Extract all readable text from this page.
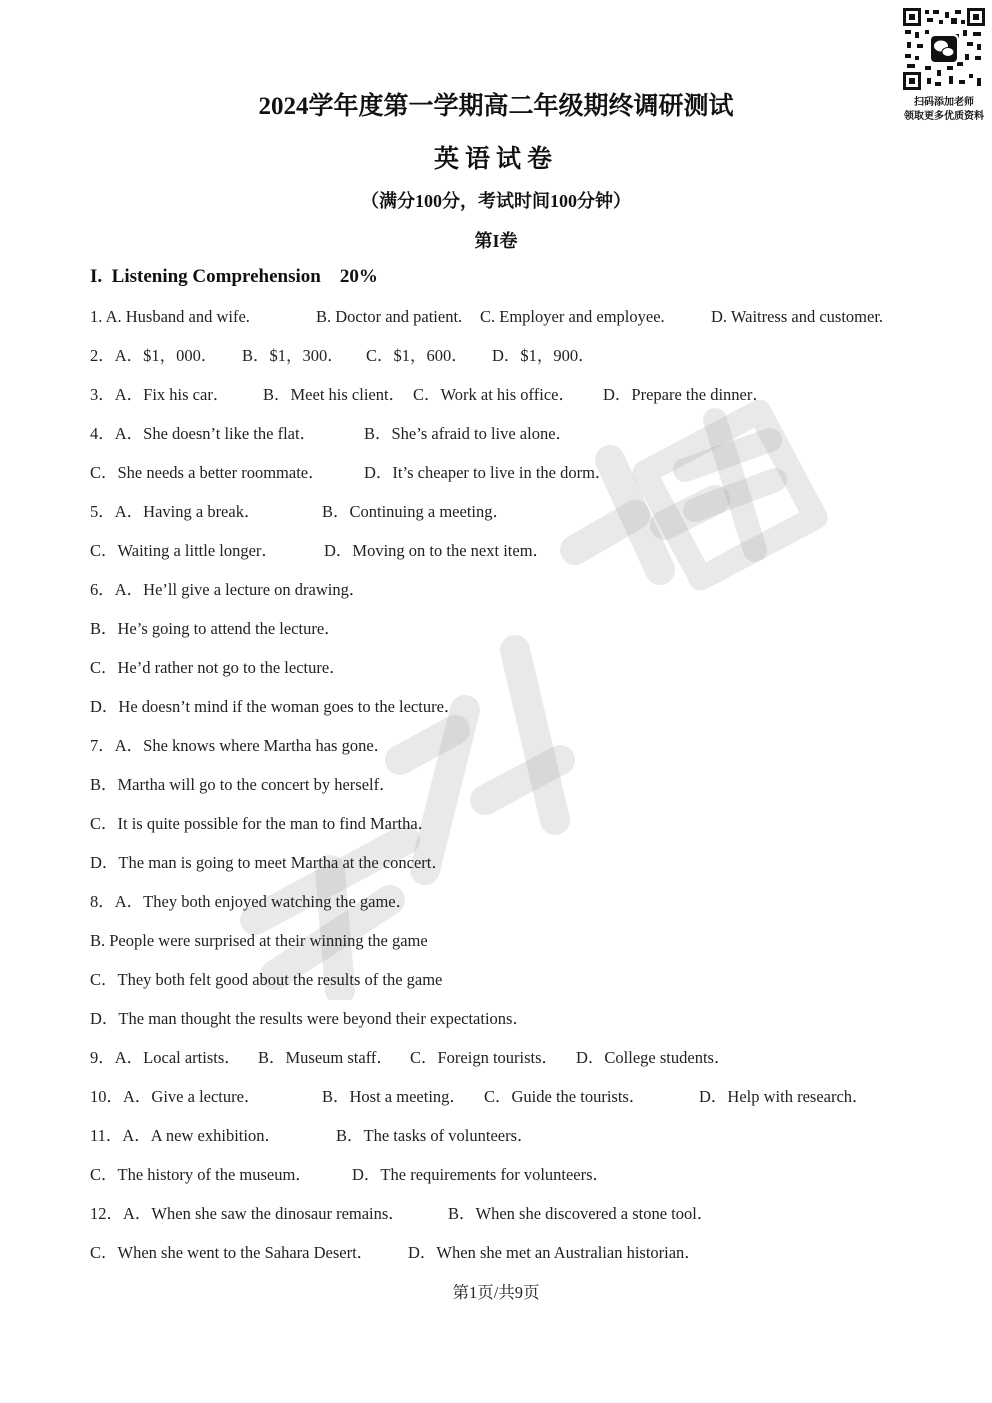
扫码添加老师
领取更多优质资料
2024学年度第一学期高二年级期终调研测试
英语试卷
（满分100分，考试时间100分钟）
第I卷
I.  Listening Comprehension    20%
1. A. Husband and wife.	B. Doctor and patient. C. Employer and employee.	D. Waitress and customer.
2．A．$1，000． B．$1，300． C．$1，600． D．$1，900．
3．A．Fix his car． B．Meet his client． C．Work at his office． D．Prepare the dinner．
4．A．She doesn’t like the flat．	B．She’s afraid to live alone．
C．She needs a better roommate． D．It’s cheaper to live in the dorm．
5．A．Having a break．	B．Continuing a meeting．
C．Waiting a little longer．	D．Moving on to the next item．
6．A．He’ll give a lecture on drawing．
B．He’s going to attend the lecture．
C．He’d rather not go to the lecture．
D．He doesn’t mind if the woman goes to the lecture．
7．A．She knows where Martha has gone．
B．Martha will go to the concert by herself．
C．It is quite possible for the man to find Martha．
D．The man is going to meet Martha at the concert．
8．A．They both enjoyed watching the game．
B. People were surprised at their winning the game
C．They both felt good about the results of the game
D．The man thought the results were beyond their expectations．
9．A．Local artists． B．Museum staff． C．Foreign tourists． D．College students．
10．A．Give a lecture．	B．Host a meeting． C．Guide the tourists．	D．Help with research．
11．A．A new exhibition．	B．The tasks of volunteers．
C．The history of the museum． D．The requirements for volunteers．
12．A．When she saw the dinosaur remains．	B．When she discovered a stone tool．
C．When she went to the Sahara Desert． D．When she met an Australian historian．
第1页/共9页
